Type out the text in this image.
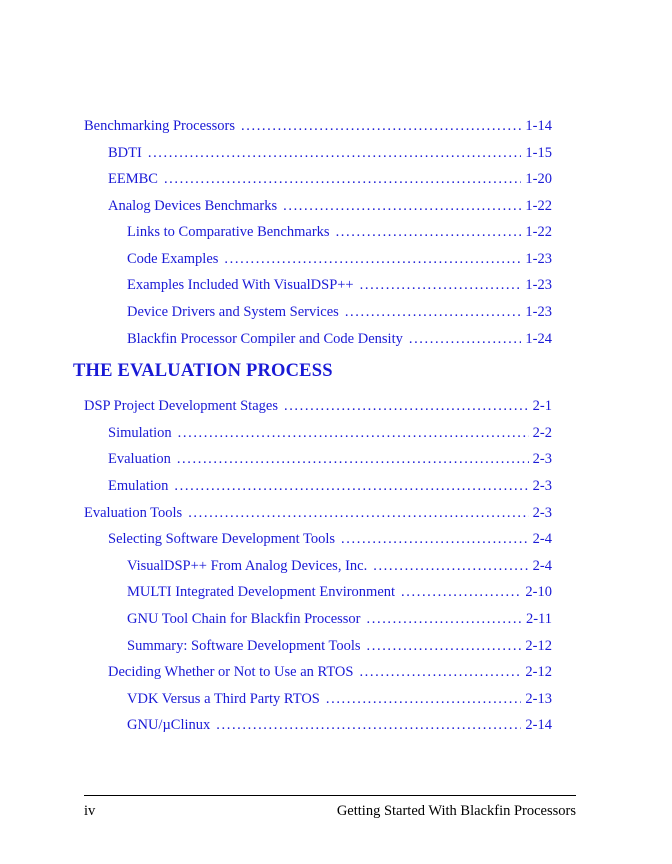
Benchmarking Processors .....	1-14
BDTI .....	1-15
EEMBC .....	1-20
Analog Devices Benchmarks .....	1-22
Links to Comparative Benchmarks .....	1-22
Code Examples .....	1-23
Examples Included With VisualDSP++ .....	1-23
Device Drivers and System Services .....	1-23
Blackfin Processor Compiler and Code Density .....	1-24
THE EVALUATION PROCESS
DSP Project Development Stages .....	2-1
Simulation .....	2-2
Evaluation .....	2-3
Emulation .....	2-3
Evaluation Tools .....	2-3
Selecting Software Development Tools .....	2-4
VisualDSP++ From Analog Devices, Inc. .....	2-4
MULTI Integrated Development Environment .....	2-10
GNU Tool Chain for Blackfin Processor .....	2-11
Summary: Software Development Tools .....	2-12
Deciding Whether or Not to Use an RTOS .....	2-12
VDK Versus a Third Party RTOS .....	2-13
GNU/µClinux .....	2-14
iv	Getting Started With Blackfin Processors
